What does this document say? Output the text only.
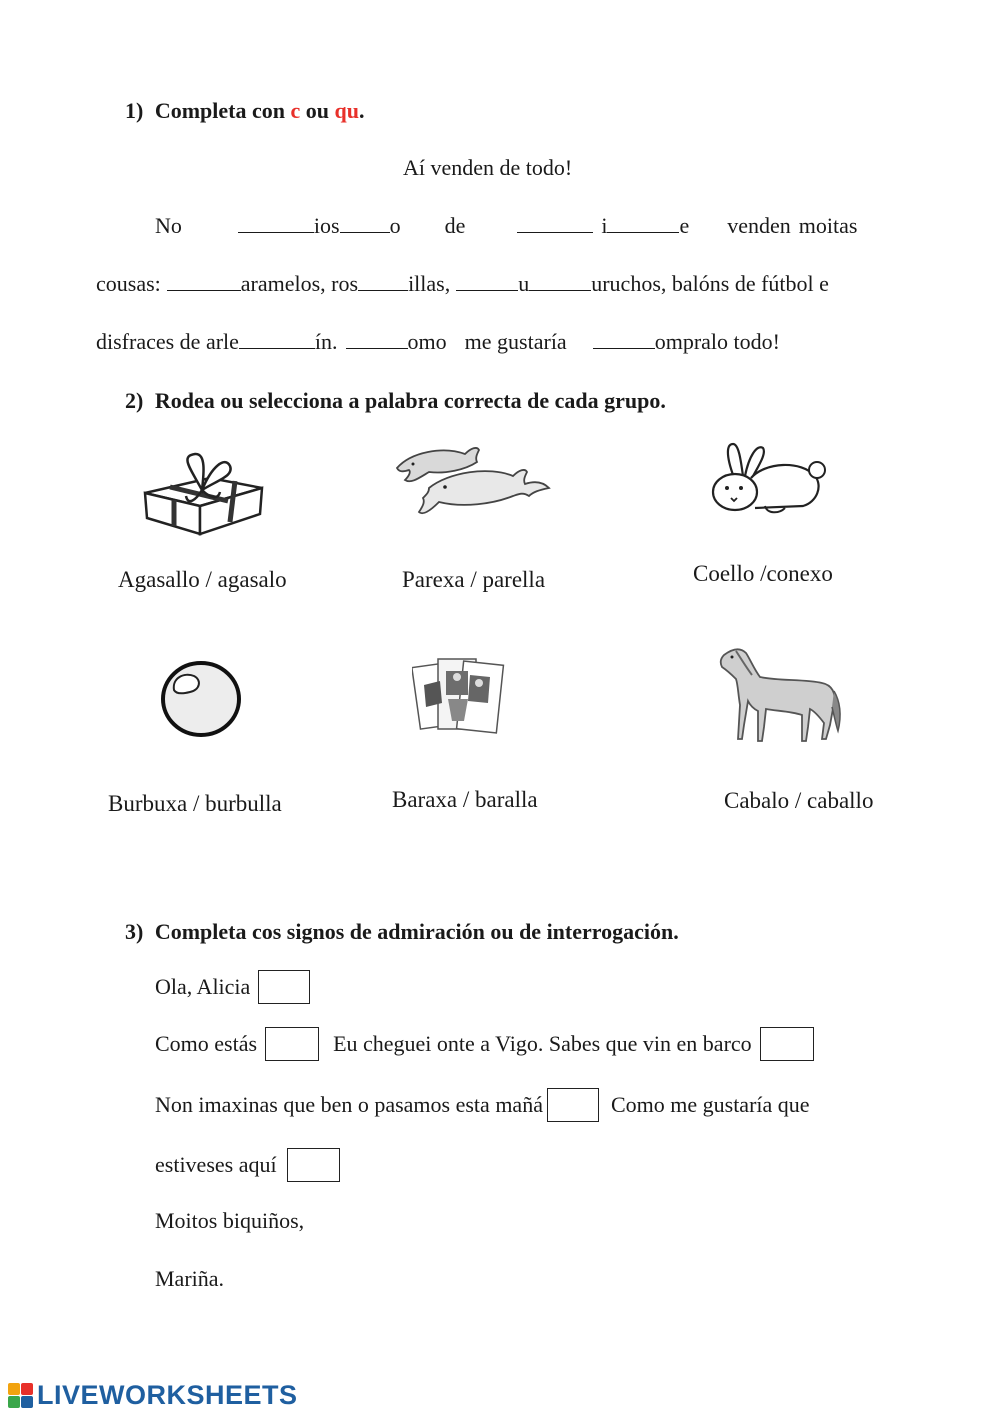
1) Completa con c ou qu.
Aí venden de todo!
No	ios o de	i	e venden moitas
cousas:	aramelos, ros illas,	u	uruchos, balóns de fútbol e
disfraces de arle	ín.	omo me gustaría	ompralo todo!
2) Rodea ou selecciona a palabra correcta de cada grupo.
Agasallo / agasalo	Parexa / parella	Coello /conexo
Burbuxa / burbulla	Baraxa / baralla	Cabalo / caballo
3) Completa cos signos de admiración ou de interrogación.
Ola, Alicia
Como estás	Eu cheguei onte a Vigo. Sabes que vin en barco
Non imaxinas que ben o pasamos esta mañá	Como me gustaría que
estiveses aquí
Moitos biquiños,
Mariña.
LIVEWORKSHEETS
